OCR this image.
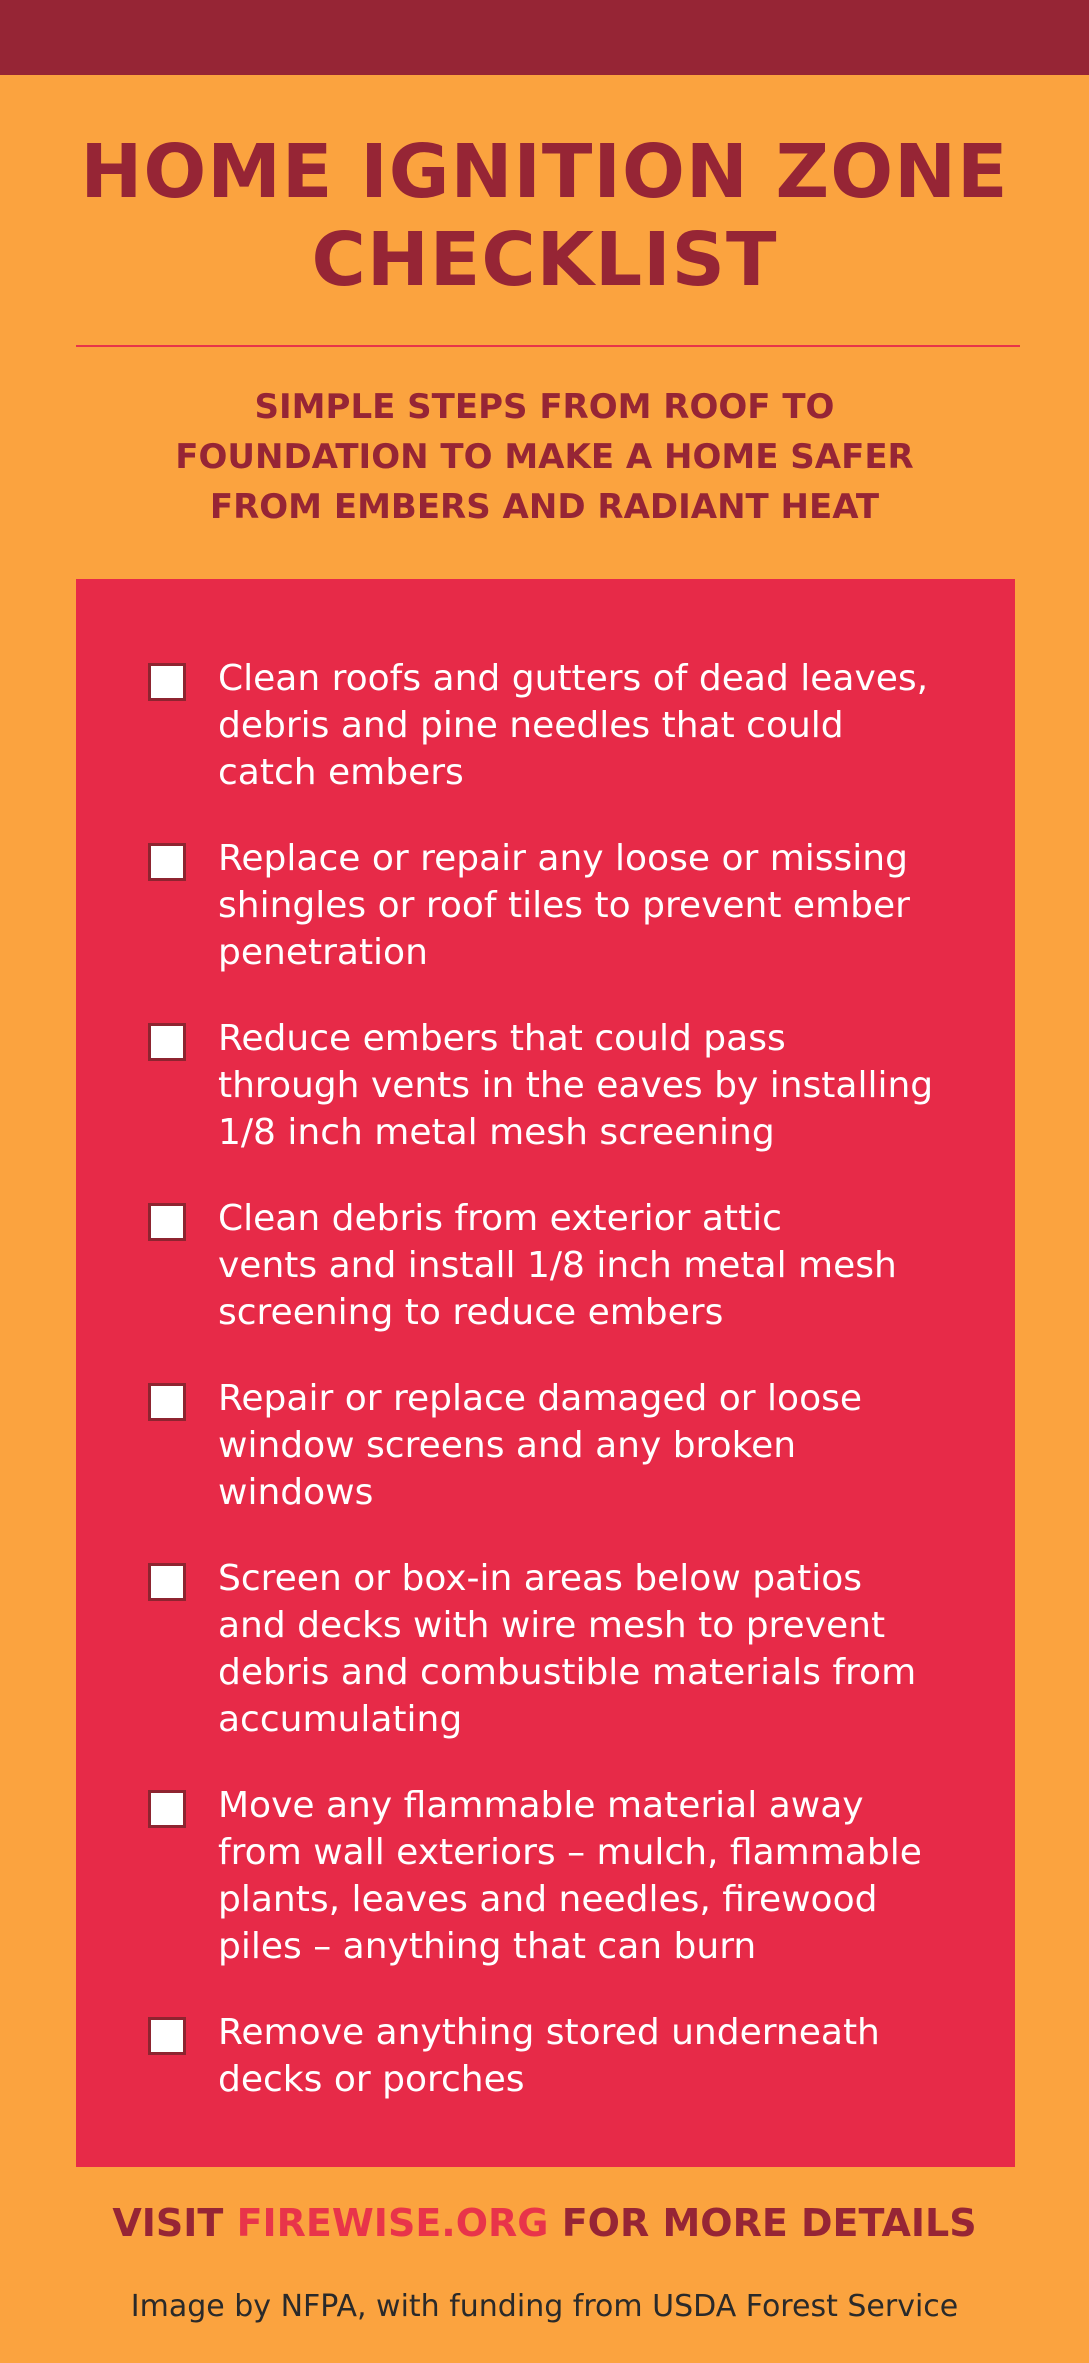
HOME IGNITION ZONE
CHECKLIST
SIMPLE STEPS FROM ROOF TO
FOUNDATION TO MAKE A HOME SAFER
FROM EMBERS AND RADIANT HEAT
Clean roofs and gutters of dead leaves,
debris and pine needles that could
catch embers
Replace or repair any loose or missing
shingles or roof tiles to prevent ember
penetration
Reduce embers that could pass
through vents in the eaves by installing
1/8 inch metal mesh screening
Clean debris from exterior attic
vents and install 1/8 inch metal mesh
screening to reduce embers
Repair or replace damaged or loose
window screens and any broken
windows
Screen or box-in areas below patios
and decks with wire mesh to prevent
debris and combustible materials from
accumulating
Move any flammable material away
from wall exteriors – mulch, flammable
plants, leaves and needles, firewood
piles – anything that can burn
Remove anything stored underneath
decks or porches

VISIT FIREWISE.ORG FOR MORE DETAILS

Image by NFPA, with funding from USDA Forest Service
